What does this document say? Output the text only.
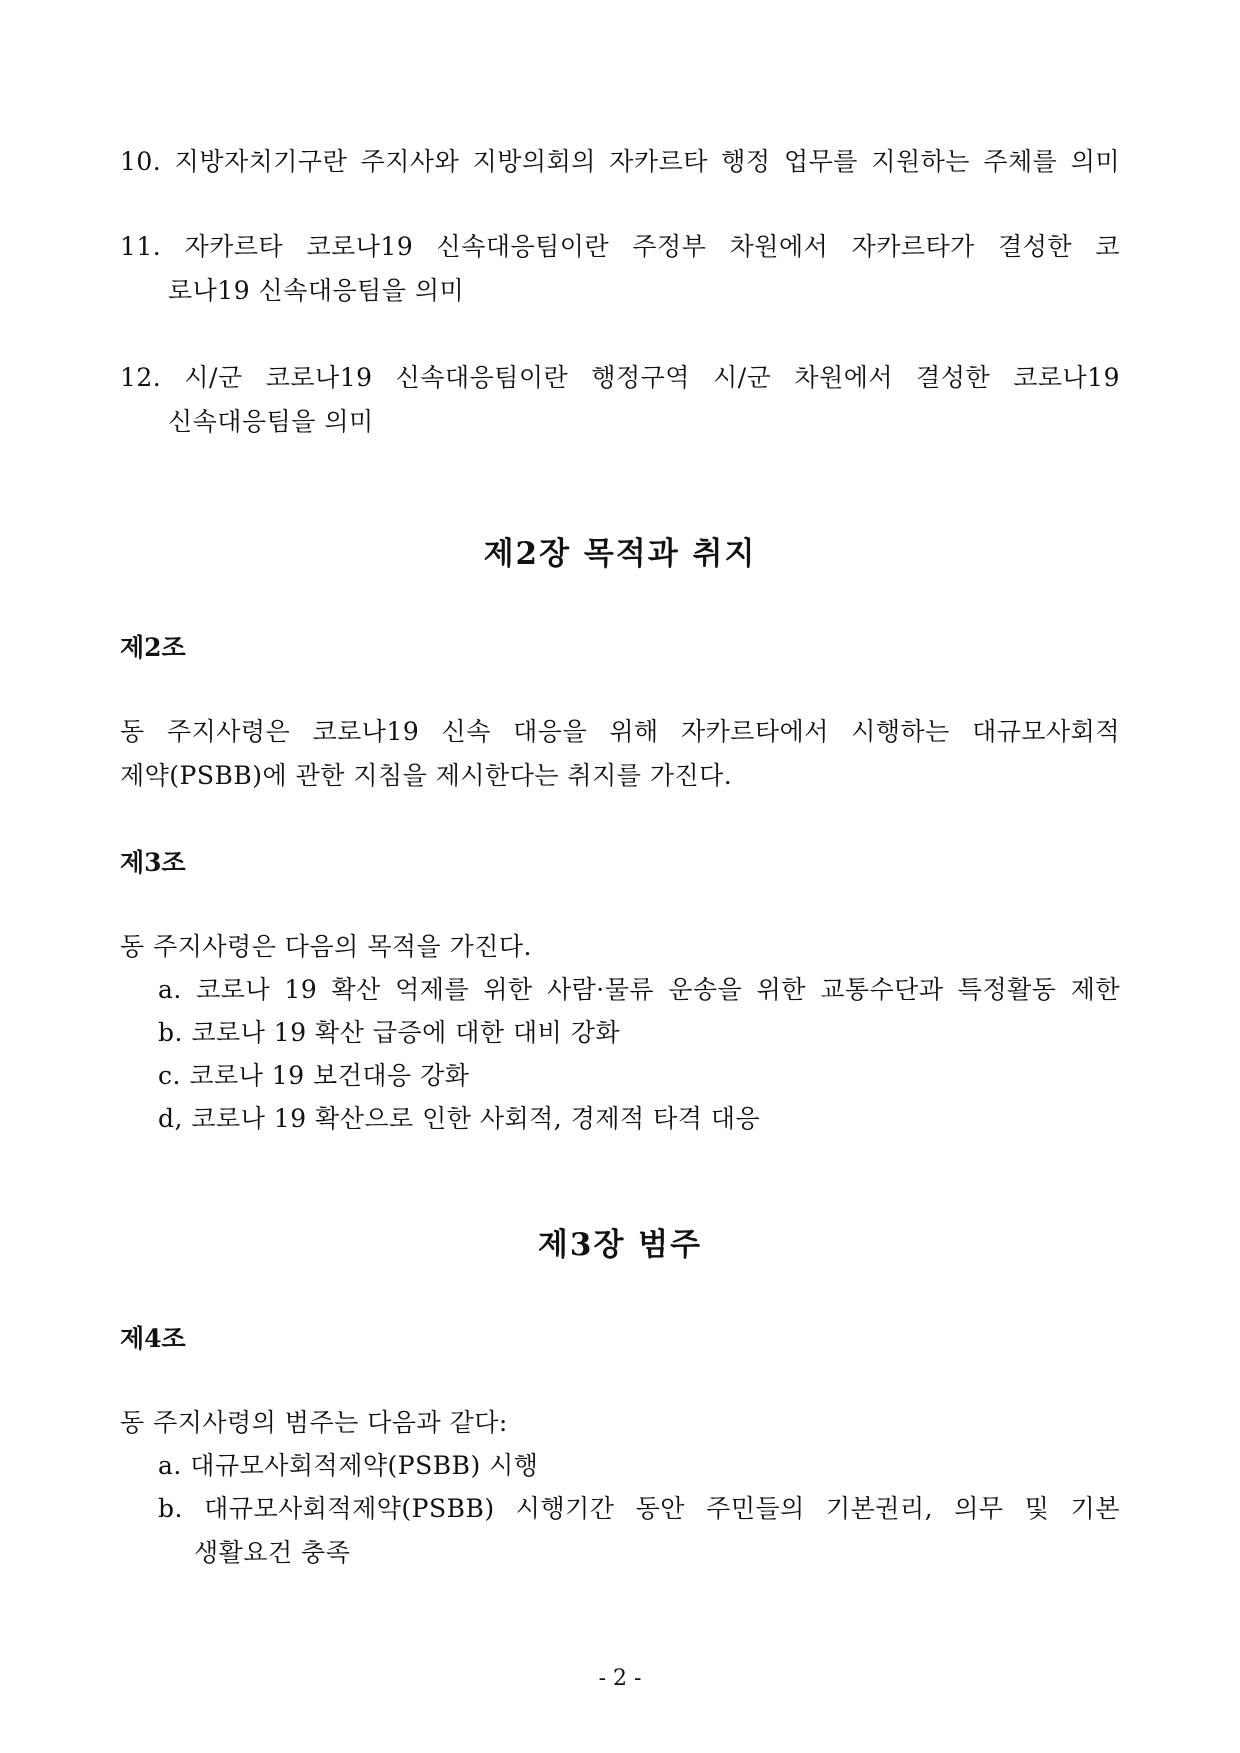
10. 지방자치기구란 주지사와 지방의회의 자카르타 행정 업무를 지원하는 주체를 의미
11. 자카르타 코로나19 신속대응팀이란 주정부 차원에서 자카르타가 결성한 코
로나19 신속대응팀을 의미
12. 시/군 코로나19 신속대응팀이란 행정구역 시/군 차원에서 결성한 코로나19
신속대응팀을 의미
제2장 목적과 취지
제2조
동 주지사령은 코로나19 신속 대응을 위해 자카르타에서 시행하는 대규모사회적
제약(PSBB)에 관한 지침을 제시한다는 취지를 가진다.
제3조
동 주지사령은 다음의 목적을 가진다.
a. 코로나 19 확산 억제를 위한 사람·물류 운송을 위한 교통수단과 특정활동 제한
b. 코로나 19 확산 급증에 대한 대비 강화
c. 코로나 19 보건대응 강화
d, 코로나 19 확산으로 인한 사회적, 경제적 타격 대응
제3장 범주
제4조
동 주지사령의 범주는 다음과 같다:
a. 대규모사회적제약(PSBB) 시행
b. 대규모사회적제약(PSBB) 시행기간 동안 주민들의 기본권리, 의무 및 기본
생활요건 충족
- 2 -
